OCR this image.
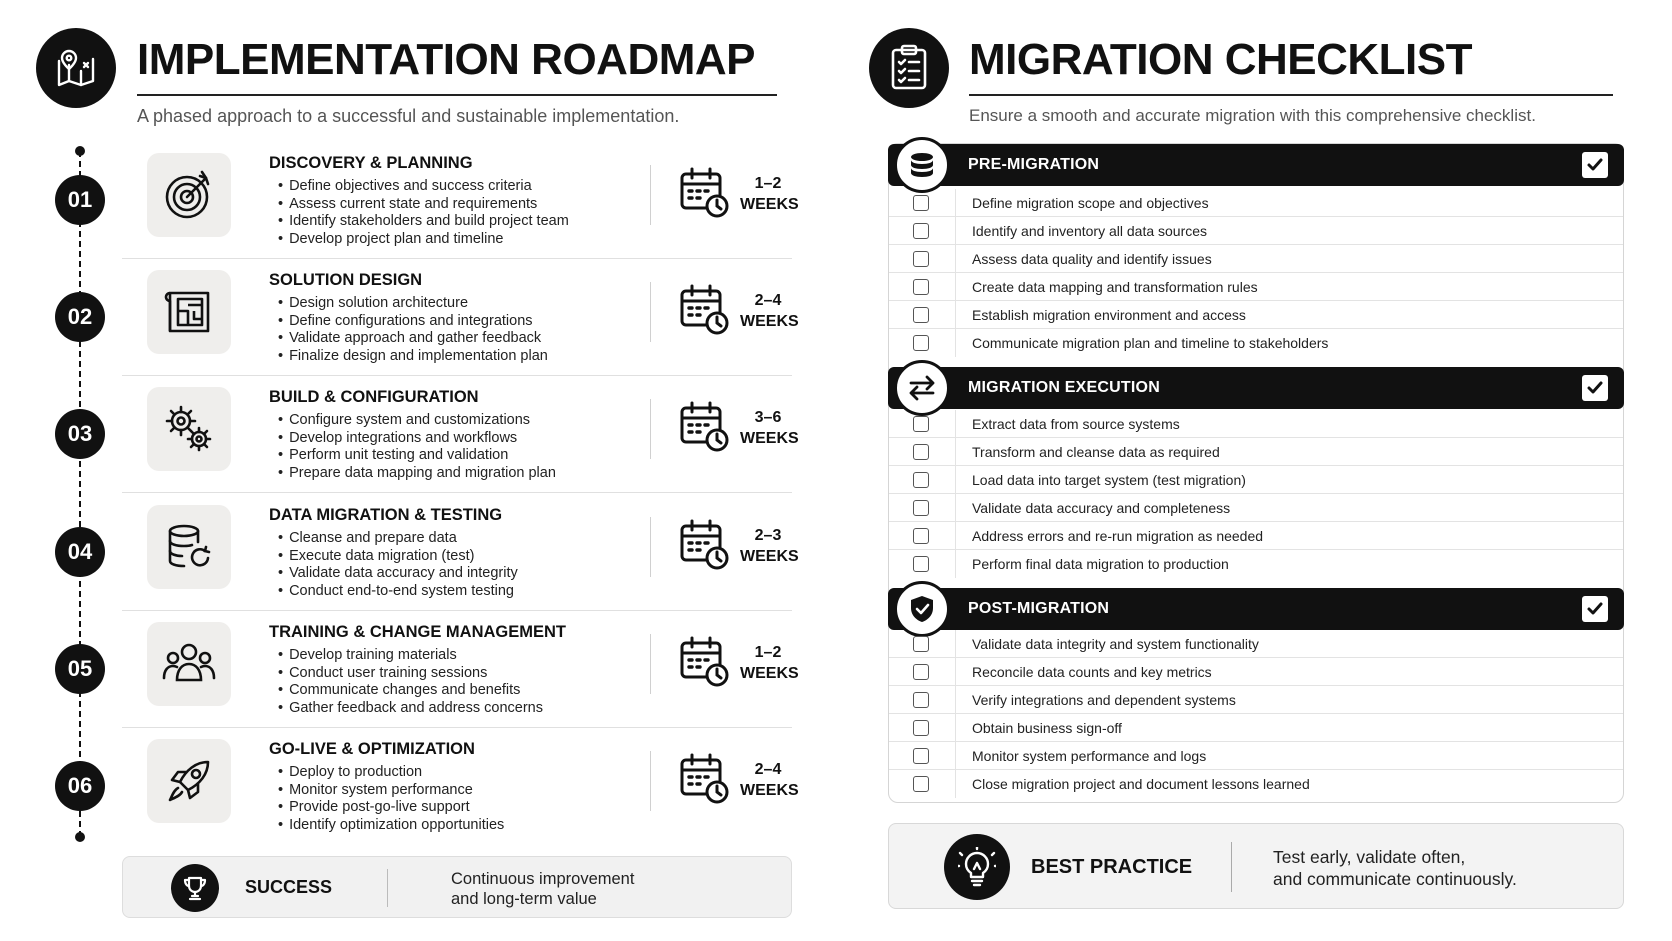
IMPLEMENTATION ROADMAP
A phased approach to a successful and sustainable implementation.
01
DISCOVERY & PLANNING
• Define objectives and success criteria
• Assess current state and requirements
• Identify stakeholders and build project team
• Develop project plan and timeline
1–2
WEEKS
02
SOLUTION DESIGN
• Design solution architecture
• Define configurations and integrations
• Validate approach and gather feedback
• Finalize design and implementation plan
2–4
WEEKS
03
BUILD & CONFIGURATION
• Configure system and customizations
• Develop integrations and workflows
• Perform unit testing and validation
• Prepare data mapping and migration plan
3–6
WEEKS
04
DATA MIGRATION & TESTING
• Cleanse and prepare data
• Execute data migration (test)
• Validate data accuracy and integrity
• Conduct end-to-end system testing
2–3
WEEKS
05
TRAINING & CHANGE MANAGEMENT
• Develop training materials
• Conduct user training sessions
• Communicate changes and benefits
• Gather feedback and address concerns
1–2
WEEKS
06
GO-LIVE & OPTIMIZATION
• Deploy to production
• Monitor system performance
• Provide post-go-live support
• Identify optimization opportunities
2–4
WEEKS
SUCCESS	Continuous improvement
and long-term value
MIGRATION CHECKLIST
Ensure a smooth and accurate migration with this comprehensive checklist.
PRE-MIGRATION
Define migration scope and objectives
Identify and inventory all data sources
Assess data quality and identify issues
Create data mapping and transformation rules
Establish migration environment and access
Communicate migration plan and timeline to stakeholders
MIGRATION EXECUTION
Extract data from source systems
Transform and cleanse data as required
Load data into target system (test migration)
Validate data accuracy and completeness
Address errors and re-run migration as needed
Perform final data migration to production
POST-MIGRATION
Validate data integrity and system functionality
Reconcile data counts and key metrics
Verify integrations and dependent systems
Obtain business sign-off
Monitor system performance and logs
Close migration project and document lessons learned
BEST PRACTICE	Test early, validate often,
and communicate continuously.
